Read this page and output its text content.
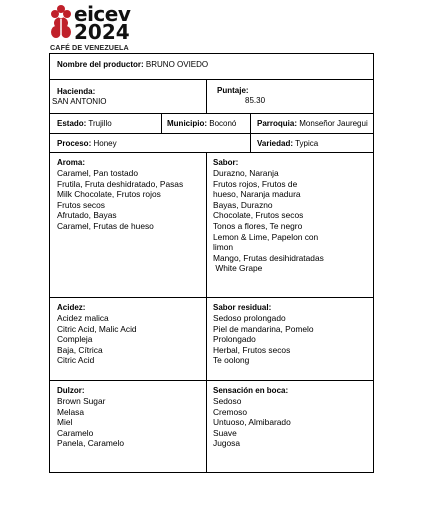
eicev
2024
CAFÉ DE VENEZUELA
Nombre del productor: BRUNO OVIEDO
Hacienda:
SAN ANTONIO
Puntaje:
85.30
Estado: Trujillo	Municipio: Boconó	Parroquia: Monseñor Jauregui
Proceso: Honey	Variedad: Typica
Aroma:
Caramel, Pan tostado
Frutila, Fruta deshidratado, Pasas
Milk Chocolate, Frutos rojos
Frutos secos
Afrutado, Bayas
Caramel, Frutas de hueso
Sabor:
Durazno, Naranja
Frutos rojos, Frutos de
hueso, Naranja madura
Bayas, Durazno
Chocolate, Frutos secos
Tonos a flores, Te negro
Lemon & Lime, Papelon con
limon
Mango, Frutas desihidratadas
White Grape
Acidez:
Acidez malica
Citric Acid, Malic Acid
Compleja
Baja, Cítrica
Citric Acid
Sabor residual:
Sedoso prolongado
Piel de mandarina, Pomelo
Prolongado
Herbal, Frutos secos
Te oolong
Dulzor:
Brown Sugar
Melasa
Miel
Caramelo
Panela, Caramelo
Sensación en boca:
Sedoso
Cremoso
Untuoso, Almibarado
Suave
Jugosa
